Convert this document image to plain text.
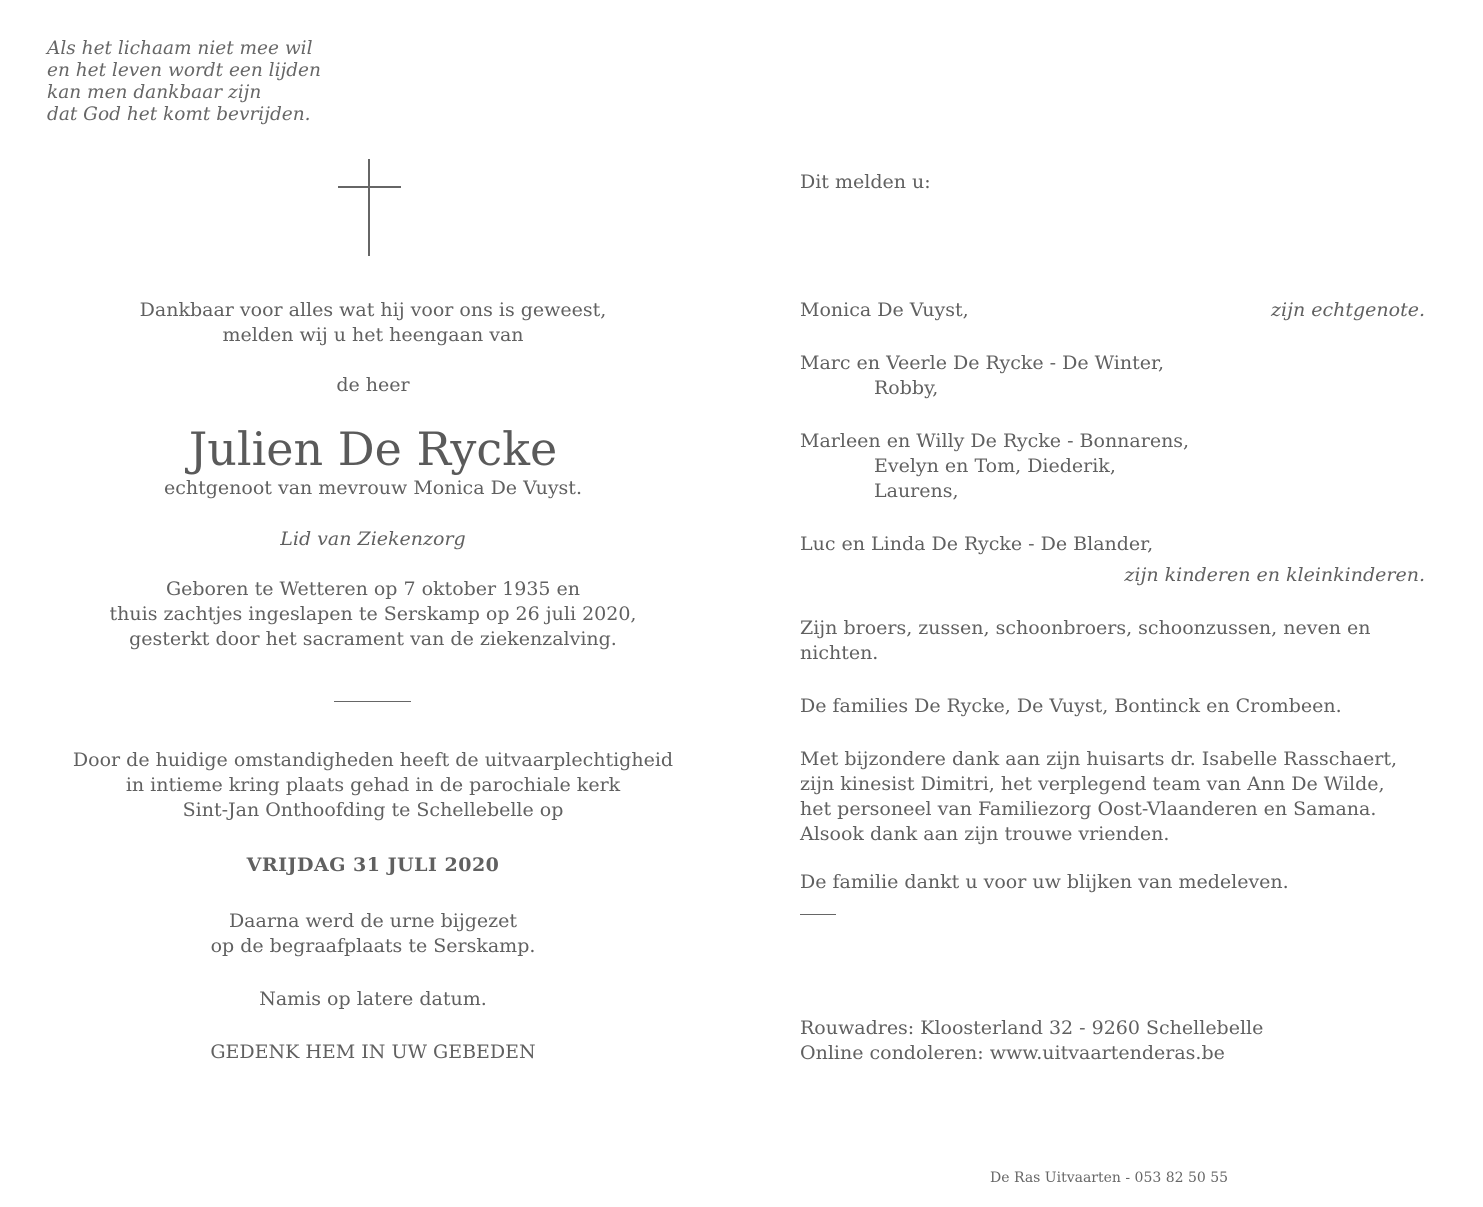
Als het lichaam niet mee wil
en het leven wordt een lijden
kan men dankbaar zijn
dat God het komt bevrijden.
Dankbaar voor alles wat hij voor ons is geweest,
melden wij u het heengaan van
de heer
Julien De Rycke
echtgenoot van mevrouw Monica De Vuyst.
Lid van Ziekenzorg
Geboren te Wetteren op 7 oktober 1935 en
thuis zachtjes ingeslapen te Serskamp op 26 juli 2020,
gesterkt door het sacrament van de ziekenzalving.
Door de huidige omstandigheden heeft de uitvaarplechtigheid
in intieme kring plaats gehad in de parochiale kerk
Sint-Jan Onthoofding te Schellebelle op
VRIJDAG 31 JULI 2020
Daarna werd de urne bijgezet
op de begraafplaats te Serskamp.
Namis op latere datum.
GEDENK HEM IN UW GEBEDEN
Dit melden u:
Monica De Vuyst,	zijn echtgenote.
Marc en Veerle De Rycke - De Winter,
Robby,
Marleen en Willy De Rycke - Bonnarens,
Evelyn en Tom, Diederik,
Laurens,
Luc en Linda De Rycke - De Blander,
zijn kinderen en kleinkinderen.
Zijn broers, zussen, schoonbroers, schoonzussen, neven en
nichten.
De families De Rycke, De Vuyst, Bontinck en Crombeen.
Met bijzondere dank aan zijn huisarts dr. Isabelle Rasschaert,
zijn kinesist Dimitri, het verplegend team van Ann De Wilde,
het personeel van Familiezorg Oost-Vlaanderen en Samana.
Alsook dank aan zijn trouwe vrienden.
De familie dankt u voor uw blijken van medeleven.
Rouwadres: Kloosterland 32 - 9260 Schellebelle
Online condoleren: www.uitvaartenderas.be
De Ras Uitvaarten - 053 82 50 55
